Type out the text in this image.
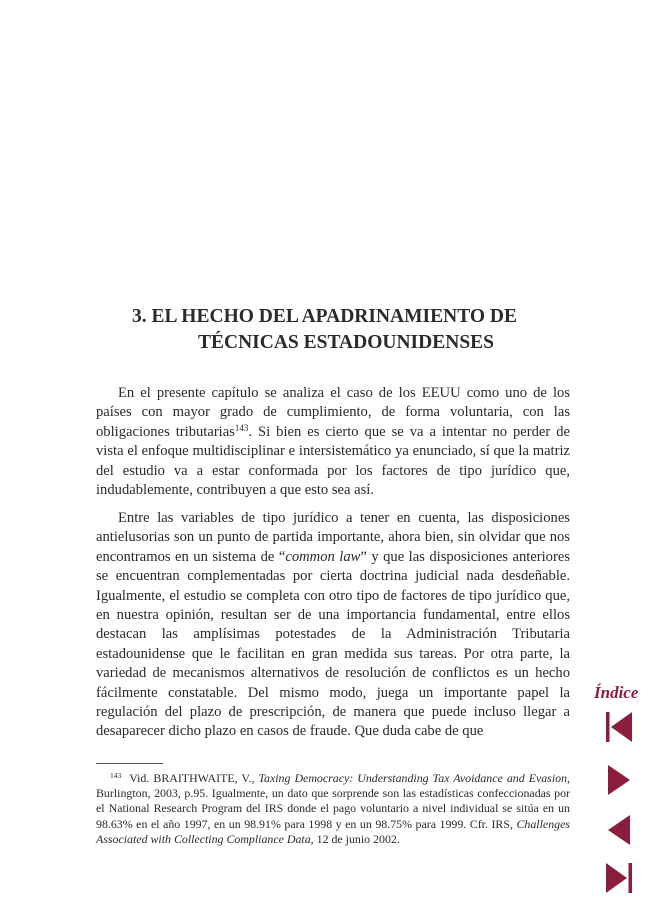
3. EL HECHO DEL APADRINAMIENTO DE
TÉCNICAS ESTADOUNIDENSES

En el presente capítulo se analiza el caso de los EEUU como uno de los países con mayor grado de cumplimiento, de forma voluntaria, con las obligaciones tributarias$^{143}$. Si bien es cierto que se va a intentar no perder de vista el enfoque multidisciplinar e intersistemático ya enunciado, sí que la matriz del estudio va a estar conformada por los factores de tipo jurídico que, indudablemente, contribuyen a que esto sea así.

Entre las variables de tipo jurídico a tener en cuenta, las disposiciones antielusorias son un punto de partida importante, ahora bien, sin olvidar que nos encontramos en un sistema de “common law” y que las disposiciones anteriores se encuentran complementadas por cierta doctrina judicial nada desdeñable. Igualmente, el estudio se completa con otro tipo de factores de tipo jurídico que, en nuestra opinión, resultan ser de una importancia fundamental, entre ellos destacan las amplísimas potestades de la Administración Tributaria estadounidense que le facilitan en gran medida sus tareas. Por otra parte, la variedad de mecanismos alternativos de resolución de conflictos es un hecho fácilmente constatable. Del mismo modo, juega un importante papel la regulación del plazo de prescripción, de manera que puede incluso llegar a desaparecer dicho plazo en casos de fraude. Que duda cabe de que

$^{143}$ Vid. BRAITHWAITE, V., Taxing Democracy: Understanding Tax Avoidance and Evasion, Burlington, 2003, p.95. Igualmente, un dato que sorprende son las estadísticas confeccionadas por el National Research Program del IRS donde el pago voluntario a nivel individual se sitúa en un 98.63% en el año 1997, en un 98.91% para 1998 y en un 98.75% para 1999. Cfr. IRS, Challenges Associated with Collecting Compliance Data, 12 de junio 2002.

Índice
